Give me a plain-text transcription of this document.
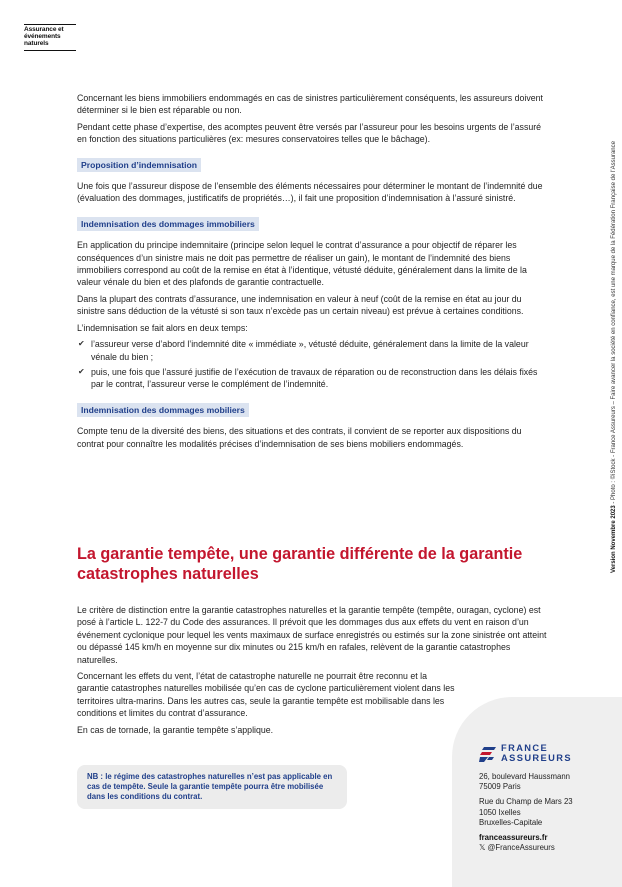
Assurance et événements naturels

Concernant les biens immobiliers endommagés en cas de sinistres particulièrement conséquents, les assureurs doivent déterminer si le bien est réparable ou non.

Pendant cette phase d’expertise, des acomptes peuvent être versés par l’assureur pour les besoins urgents de l’assuré en fonction des situations particulières (ex: mesures conservatoires telles que le bâchage).

Proposition d’indemnisation

Une fois que l’assureur dispose de l’ensemble des éléments nécessaires pour déterminer le montant de l’indemnité due (évaluation des dommages, justificatifs de propriétés…), il fait une proposition d’indemnisation à l’assuré sinistré.

Indemnisation des dommages immobiliers

En application du principe indemnitaire (principe selon lequel le contrat d’assurance a pour objectif de réparer les conséquences d’un sinistre mais ne doit pas permettre de réaliser un gain), le montant de l’indemnité des biens immobiliers correspond au coût de la remise en état à l’identique, vétusté déduite, généralement dans la limite de la valeur vénale du bien et des plafonds de garantie contractuelle.

Dans la plupart des contrats d’assurance, une indemnisation en valeur à neuf (coût de la remise en état au jour du sinistre sans déduction de la vétusté si son taux n’excède pas un certain niveau) est prévue à certaines conditions.

L’indemnisation se fait alors en deux temps:

✔ l’assureur verse d’abord l’indemnité dite « immédiate », vétusté déduite, généralement dans la limite de la valeur vénale du bien ;
✔ puis, une fois que l’assuré justifie de l’exécution de travaux de réparation ou de reconstruction dans les délais fixés par le contrat, l’assureur verse le complément de l’indemnité.
Indemnisation des dommages mobiliers

Compte tenu de la diversité des biens, des situations et des contrats, il convient de se reporter aux dispositions du contrat pour connaître les modalités précises d’indemnisation de ses biens mobiliers endommagés.

La garantie tempête, une garantie différente de la garantie catastrophes naturelles

Le critère de distinction entre la garantie catastrophes naturelles et la garantie tempête (tempête, ouragan, cyclone) est posé à l’article L. 122-7 du Code des assurances. Il prévoit que les dommages dus aux effets du vent en raison d’un événement cyclonique pour lequel les vents maximaux de surface enregistrés ou estimés sur la zone sinistrée ont atteint ou dépassé 145 km/h en moyenne sur dix minutes ou 215 km/h en rafales, relèvent de la garantie catastrophes naturelles.

Concernant les effets du vent, l’état de catastrophe naturelle ne pourrait être reconnu et la garantie catastrophes naturelles mobilisée qu’en cas de cyclone particulièrement violent dans les territoires ultra-marins. Dans les autres cas, seule la garantie tempête est mobilisable dans les conditions et limites du contrat d’assurance.

En cas de tornade, la garantie tempête s’applique.

NB : le régime des catastrophes naturelles n’est pas applicable en cas de tempête. Seule la garantie tempête pourra être mobilisée dans les conditions du contrat.
Version Novembre 2023 - Photo : ©iStock - France Assureurs – Faire avancer la société en confiance, est une marque de la Fédération Française de l’Assurance
FRANCE
ASSUREURS

26, boulevard Haussmann
75009 Paris

Rue du Champ de Mars 23
1050 Ixelles
Bruxelles-Capitale

franceassureurs.fr

𝕏 @FranceAssureurs
